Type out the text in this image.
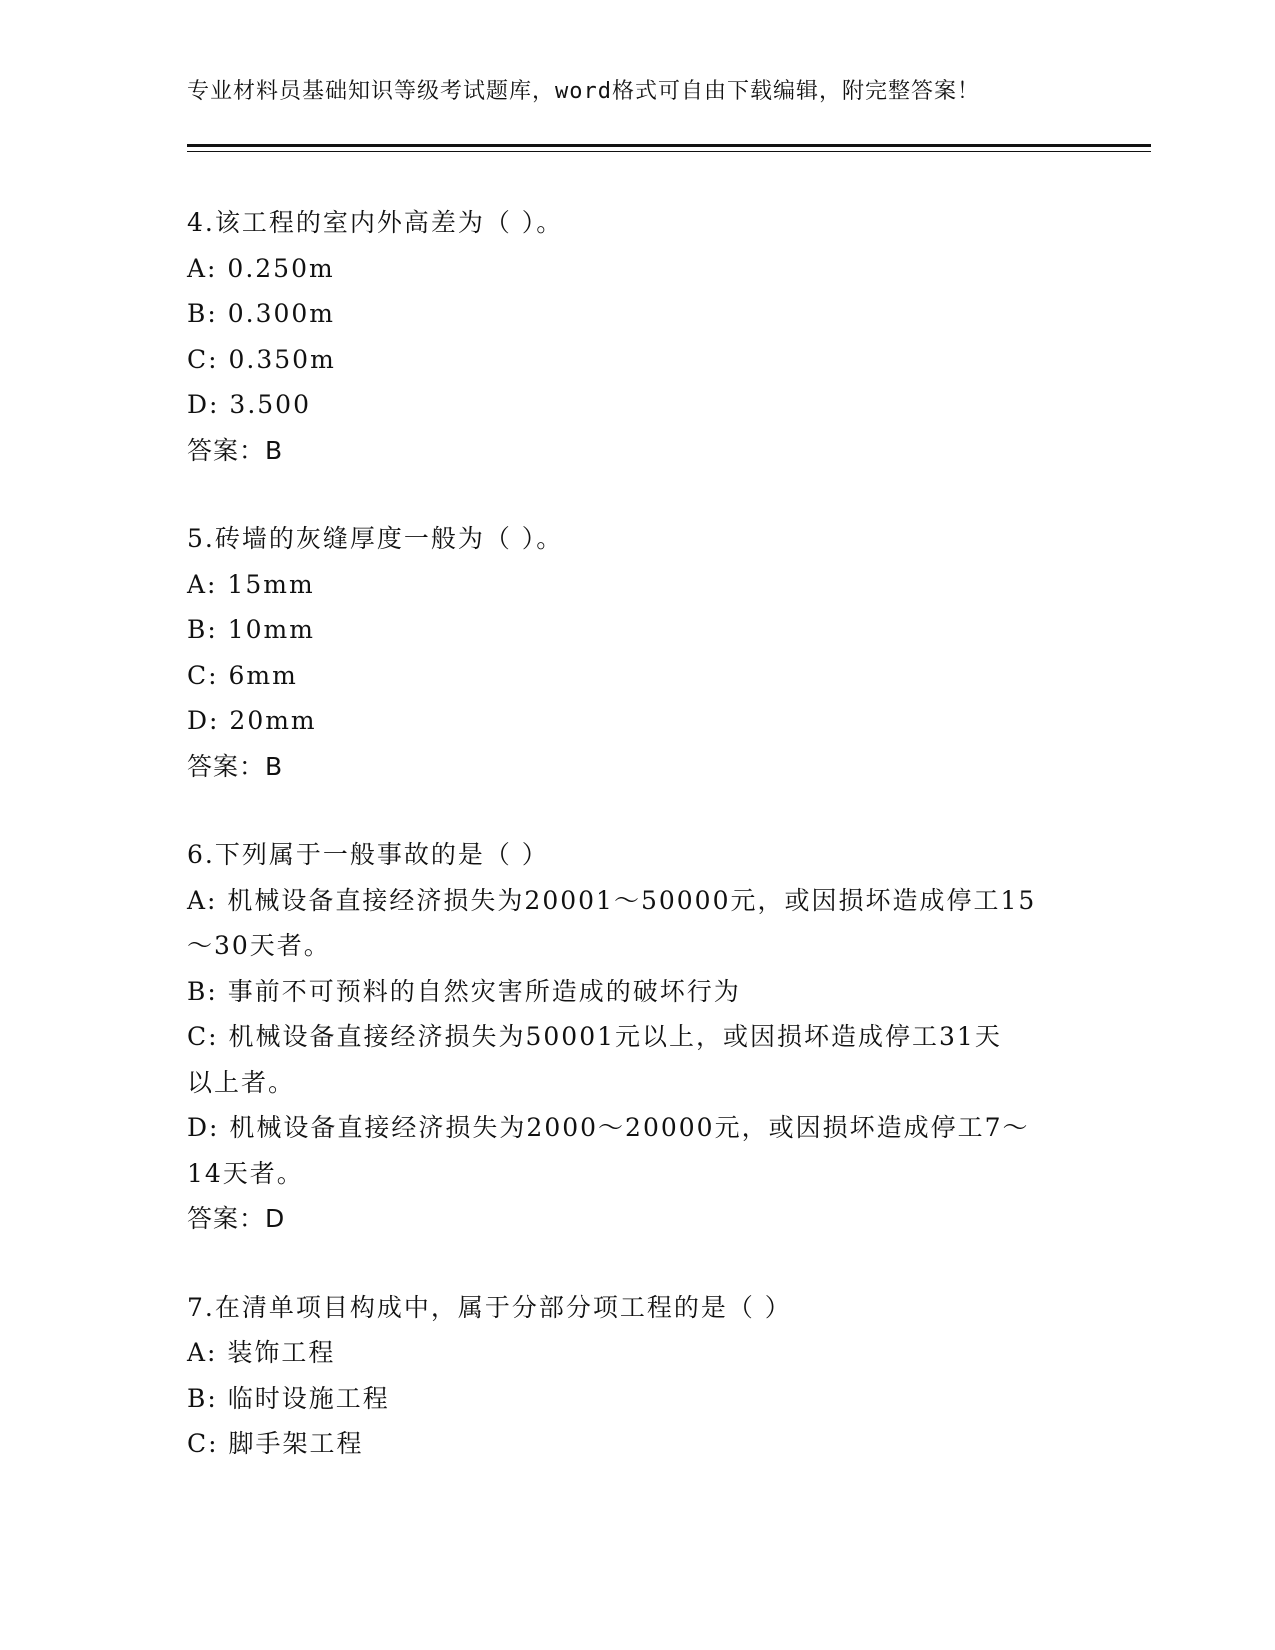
专业材料员基础知识等级考试题库，word格式可自由下载编辑，附完整答案！

4.该工程的室内外高差为（ ）。

A: 0.250m

B: 0.300m

C: 0.350m

D: 3.500

答案：B

5.砖墙的灰缝厚度一般为（ ）。

A: 15mm

B: 10mm

C: 6mm

D: 20mm

答案：B

6.下列属于一般事故的是（ ）

A: 机械设备直接经济损失为20001～50000元，或因损坏造成停工15

～30天者。

B: 事前不可预料的自然灾害所造成的破坏行为

C: 机械设备直接经济损失为50001元以上，或因损坏造成停工31天

以上者。

D: 机械设备直接经济损失为2000～20000元，或因损坏造成停工7～

14天者。

答案：D

7.在清单项目构成中，属于分部分项工程的是（ ）

A: 装饰工程

B: 临时设施工程

C: 脚手架工程
